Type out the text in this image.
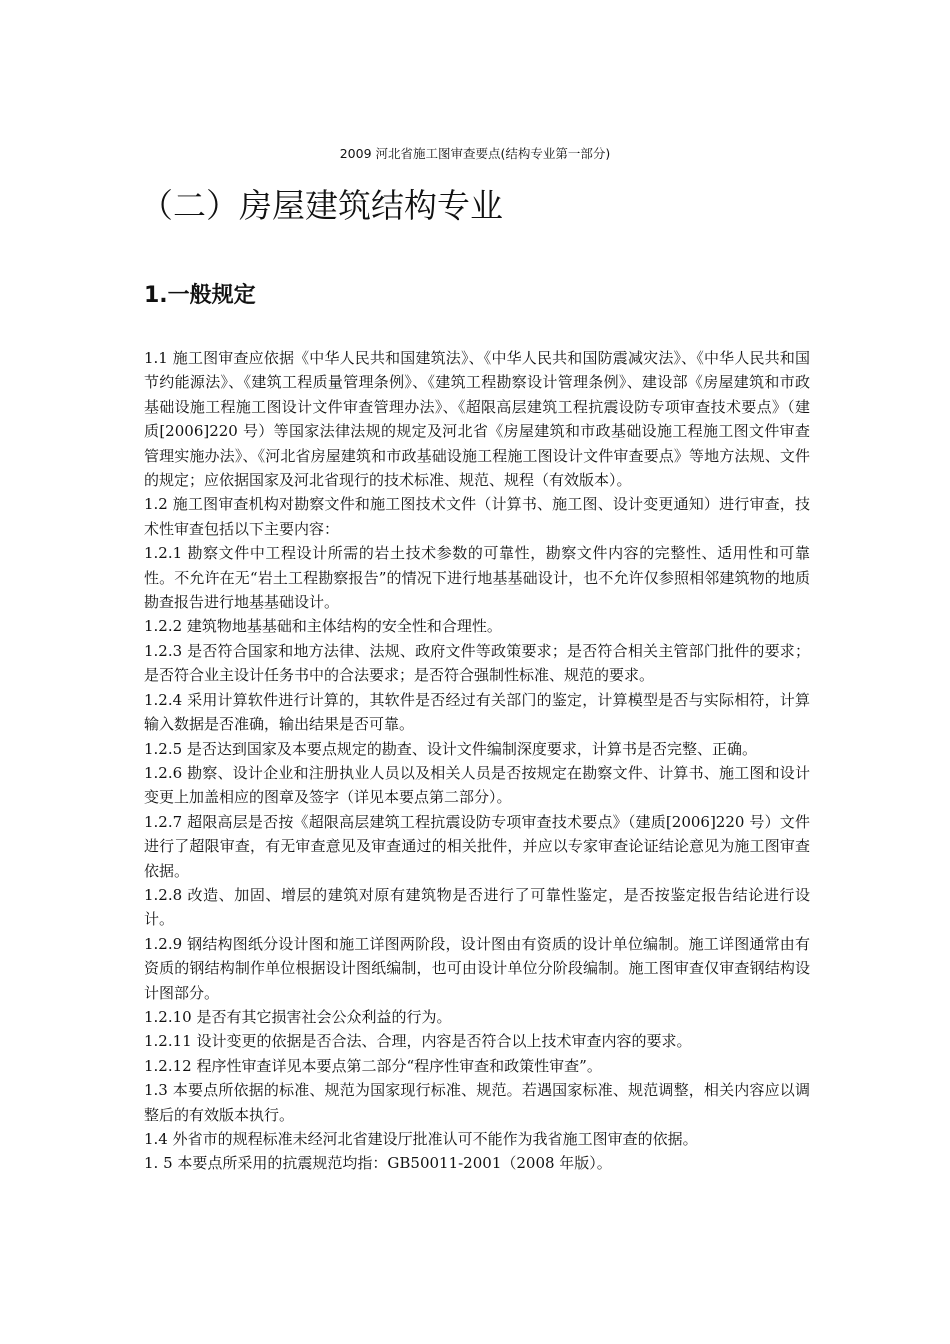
2009 河北省施工图审查要点(结构专业第一部分)
（二）房屋建筑结构专业
1.一般规定

1.1 施工图审查应依据《中华人民共和国建筑法》、《中华人民共和国防震减灾法》、《中华人民共和国节约能源法》、《建筑工程质量管理条例》、《建筑工程勘察设计管理条例》、建设部《房屋建筑和市政基础设施工程施工图设计文件审查管理办法》、《超限高层建筑工程抗震设防专项审查技术要点》（建质[2006]220 号）等国家法律法规的规定及河北省《房屋建筑和市政基础设施工程施工图文件审查管理实施办法》、《河北省房屋建筑和市政基础设施工程施工图设计文件审查要点》等地方法规、文件的规定；应依据国家及河北省现行的技术标准、规范、规程（有效版本）。

1.2 施工图审查机构对勘察文件和施工图技术文件（计算书、施工图、设计变更通知）进行审查，技术性审查包括以下主要内容：

1.2.1 勘察文件中工程设计所需的岩土技术参数的可靠性，勘察文件内容的完整性、适用性和可靠性。不允许在无“岩土工程勘察报告”的情况下进行地基基础设计，也不允许仅参照相邻建筑物的地质勘查报告进行地基基础设计。

1.2.2 建筑物地基基础和主体结构的安全性和合理性。

1.2.3 是否符合国家和地方法律、法规、政府文件等政策要求；是否符合相关主管部门批件的要求；是否符合业主设计任务书中的合法要求；是否符合强制性标准、规范的要求。

1.2.4 采用计算软件进行计算的，其软件是否经过有关部门的鉴定，计算模型是否与实际相符，计算输入数据是否准确，输出结果是否可靠。

1.2.5 是否达到国家及本要点规定的勘查、设计文件编制深度要求，计算书是否完整、正确。

1.2.6 勘察、设计企业和注册执业人员以及相关人员是否按规定在勘察文件、计算书、施工图和设计变更上加盖相应的图章及签字（详见本要点第二部分）。

1.2.7 超限高层是否按《超限高层建筑工程抗震设防专项审查技术要点》（建质[2006]220 号）文件进行了超限审查，有无审查意见及审查通过的相关批件，并应以专家审查论证结论意见为施工图审查依据。

1.2.8 改造、加固、增层的建筑对原有建筑物是否进行了可靠性鉴定，是否按鉴定报告结论进行设计。

1.2.9 钢结构图纸分设计图和施工详图两阶段，设计图由有资质的设计单位编制。施工详图通常由有资质的钢结构制作单位根据设计图纸编制，也可由设计单位分阶段编制。施工图审查仅审查钢结构设计图部分。

1.2.10 是否有其它损害社会公众利益的行为。

1.2.11 设计变更的依据是否合法、合理，内容是否符合以上技术审查内容的要求。

1.2.12 程序性审查详见本要点第二部分“程序性审查和政策性审查”。

1.3 本要点所依据的标准、规范为国家现行标准、规范。若遇国家标准、规范调整，相关内容应以调整后的有效版本执行。

1.4 外省市的规程标准未经河北省建设厅批准认可不能作为我省施工图审查的依据。

1. 5 本要点所采用的抗震规范均指：GB50011-2001（2008 年版）。
